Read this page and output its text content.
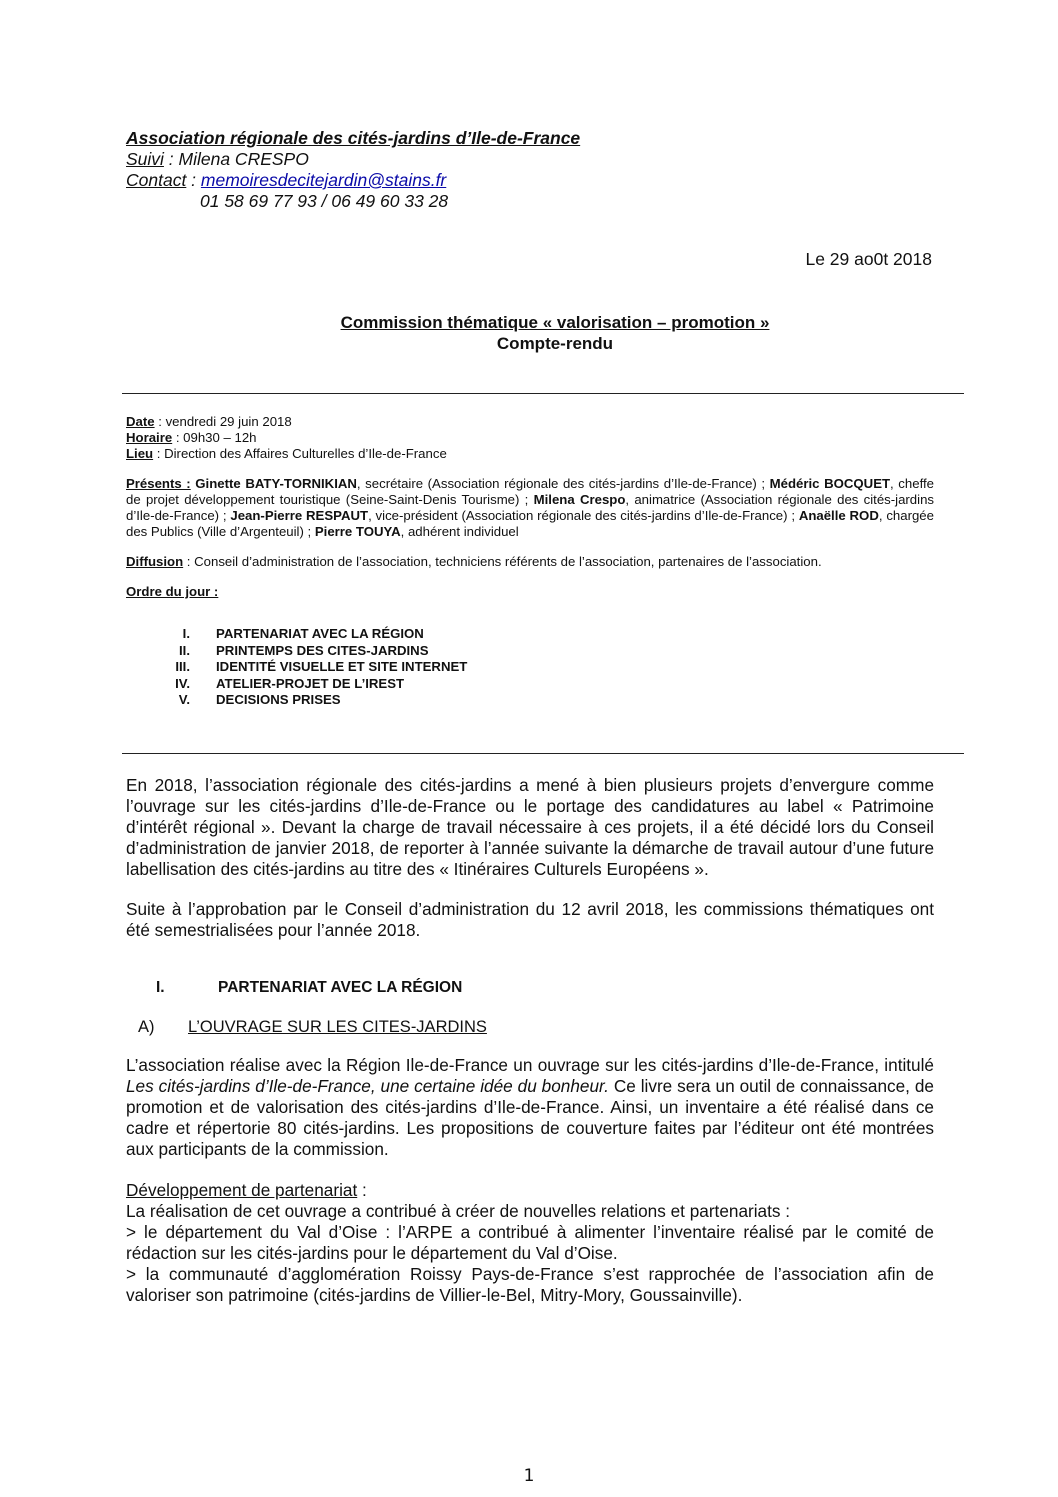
Association régionale des cités-jardins d’Ile-de-France
Suivi : Milena CRESPO
Contact : memoiresdecitejardin@stains.fr
01 58 69 77 93 / 06 49 60 33 28
Le 29 ao0t 2018
Commission thématique « valorisation – promotion »
Compte-rendu
Date : vendredi 29 juin 2018
Horaire : 09h30 – 12h
Lieu : Direction des Affaires Culturelles d’Ile-de-France
Présents : Ginette BATY-TORNIKIAN, secrétaire (Association régionale des cités-jardins d’Ile-de-France) ; Médéric BOCQUET, cheffe de projet développement touristique (Seine-Saint-Denis Tourisme) ; Milena Crespo, animatrice (Association régionale des cités-jardins d’Ile-de-France) ; Jean-Pierre RESPAUT, vice-président (Association régionale des cités-jardins d’Ile-de-France) ; Anaëlle ROD, chargée des Publics (Ville d’Argenteuil) ; Pierre TOUYA, adhérent individuel
Diffusion : Conseil d’administration de l’association, techniciens référents de l’association, partenaires de l’association.
Ordre du jour :
I.	PARTENARIAT AVEC LA RÉGION
II.	PRINTEMPS DES CITES-JARDINS
III.	IDENTITÉ VISUELLE ET SITE INTERNET
IV.	ATELIER-PROJET DE L’IREST
V.	DECISIONS PRISES
En 2018, l’association régionale des cités-jardins a mené à bien plusieurs projets d’envergure comme l’ouvrage sur les cités-jardins d’Ile-de-France ou le portage des candidatures au label « Patrimoine d’intérêt régional ». Devant la charge de travail nécessaire à ces projets, il a été décidé lors du Conseil d’administration de janvier 2018, de reporter à l’année suivante la démarche de travail autour d’une future labellisation des cités-jardins au titre des « Itinéraires Culturels Européens ».
Suite à l’approbation par le Conseil d’administration du 12 avril 2018, les commissions thématiques ont été semestrialisées pour l’année 2018.
I.	PARTENARIAT AVEC LA RÉGION
A)	L’OUVRAGE SUR LES CITES-JARDINS
L’association réalise avec la Région Ile-de-France un ouvrage sur les cités-jardins d’Ile-de-France, intitulé Les cités-jardins d’Ile-de-France, une certaine idée du bonheur. Ce livre sera un outil de connaissance, de promotion et de valorisation des cités-jardins d’Ile-de-France. Ainsi, un inventaire a été réalisé dans ce cadre et répertorie 80 cités-jardins. Les propositions de couverture faites par l’éditeur ont été montrées aux participants de la commission.
Développement de partenariat :
La réalisation de cet ouvrage a contribué à créer de nouvelles relations et partenariats :
> le département du Val d’Oise : l’ARPE a contribué à alimenter l’inventaire réalisé par le comité de rédaction sur les cités-jardins pour le département du Val d’Oise.
> la communauté d’agglomération Roissy Pays-de-France s’est rapprochée de l’association afin de valoriser son patrimoine (cités-jardins de Villier-le-Bel, Mitry-Mory, Goussainville).
1
